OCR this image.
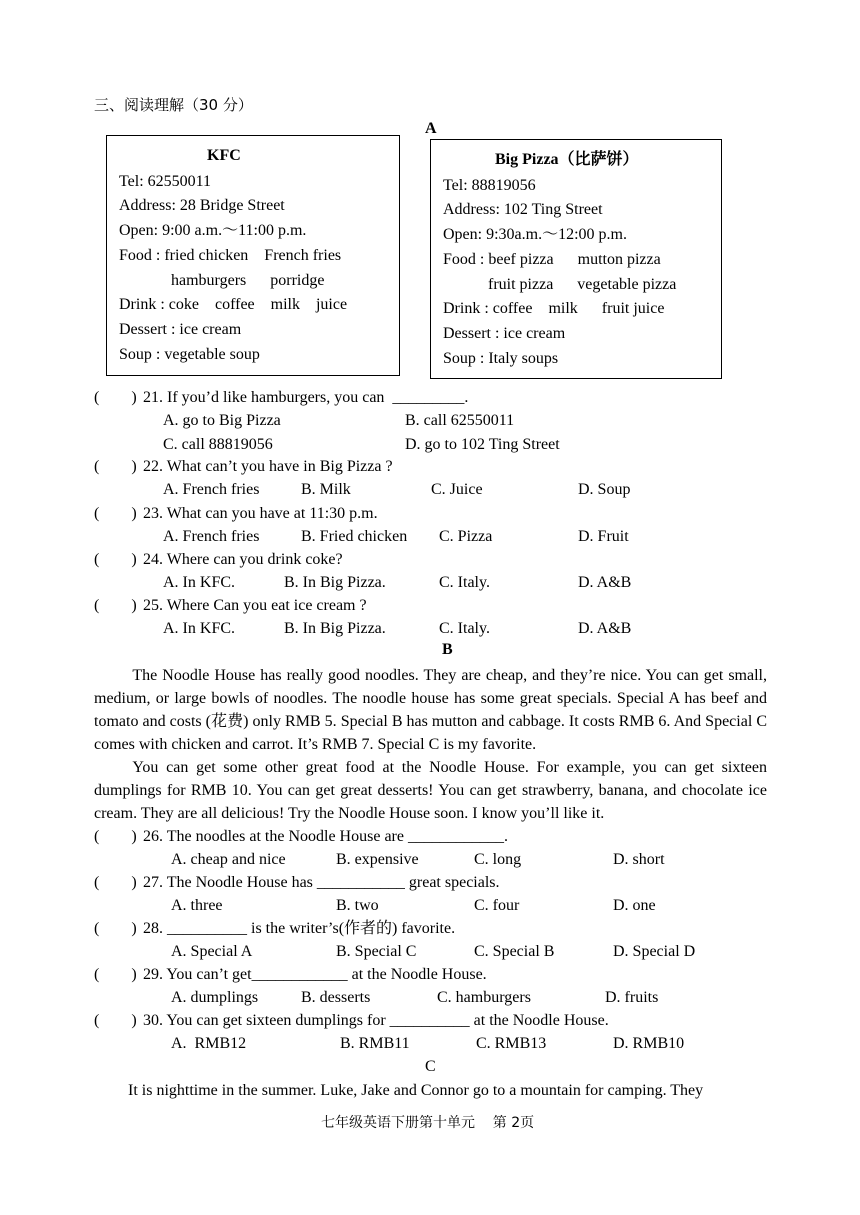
三、阅读理解（30 分）
A
KFC
Tel: 62550011
Address: 28 Bridge Street
Open: 9:00 a.m.～11:00 p.m.
Food : fried chicken    French fries
hamburgers      porridge
Drink : coke    coffee    milk    juice
Dessert : ice cream
Soup : vegetable soup
Big Pizza（比萨饼）
Tel: 88819056
Address: 102 Ting Street
Open: 9:30a.m.～12:00 p.m.
Food : beef pizza      mutton pizza
fruit pizza      vegetable pizza
Drink : coffee    milk      fruit juice
Dessert : ice cream
Soup : Italy soups
(        ) 21. If you’d like hamburgers, you can  _________.
A. go to Big Pizza	B. call 62550011
C. call 88819056	D. go to 102 Ting Street
(        ) 22. What can’t you have in Big Pizza ?
A. French fries	B. Milk	C. Juice	D. Soup
(        ) 23. What can you have at 11:30 p.m.
A. French fries	B. Fried chicken C. Pizza	D. Fruit
(        ) 24. Where can you drink coke?
A. In KFC.	B. In Big Pizza.	C. Italy.	D. A&B
(        ) 25. Where Can you eat ice cream ?
A. In KFC.	B. In Big Pizza.	C. Italy.	D. A&B
B

The Noodle House has really good noodles. They are cheap, and they’re nice. You can get small, medium, or large bowls of noodles. The noodle house has some great specials. Special A has beef and tomato and costs (花费) only RMB 5. Special B has mutton and cabbage. It costs RMB 6. And Special C comes with chicken and carrot. It’s RMB 7. Special C is my favorite.

You can get some other great food at the Noodle House. For example, you can get sixteen dumplings for RMB 10. You can get great desserts! You can get strawberry, banana, and chocolate ice cream. They are all delicious! Try the Noodle House soon. I know you’ll like it.

(        ) 26. The noodles at the Noodle House are ____________.
A. cheap and nice	B. expensive	C. long	D. short
(        ) 27. The Noodle House has ___________ great specials.
A. three	B. two	C. four	D. one
(        ) 28. __________ is the writer’s(作者的) favorite.
A. Special A	B. Special C	C. Special B	D. Special D
(        ) 29. You can’t get____________ at the Noodle House.
A. dumplings	B. desserts	C. hamburgers	D. fruits
(        ) 30. You can get sixteen dumplings for __________ at the Noodle House.
A.  RMB12	B. RMB11	C. RMB13	D. RMB10
C
It is nighttime in the summer. Luke, Jake and Connor go to a mountain for camping. They
七年级英语下册第十单元    第 2页
